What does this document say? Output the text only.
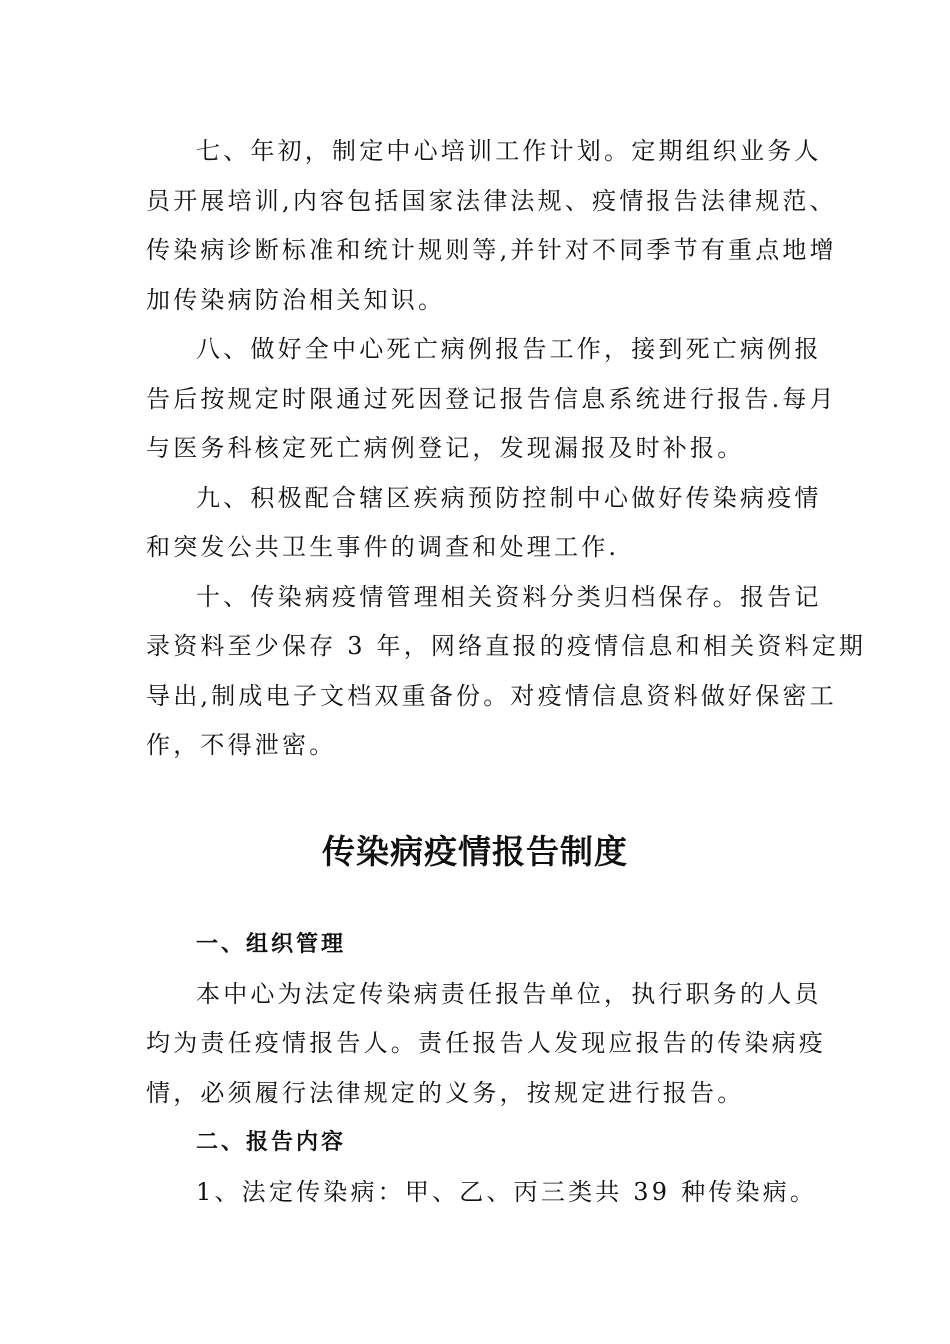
七、年初，制定中心培训工作计划。定期组织业务人
员开展培训,内容包括国家法律法规、疫情报告法律规范、
传染病诊断标准和统计规则等,并针对不同季节有重点地增
加传染病防治相关知识。
八、做好全中心死亡病例报告工作，接到死亡病例报
告后按规定时限通过死因登记报告信息系统进行报告.每月
与医务科核定死亡病例登记，发现漏报及时补报。
九、积极配合辖区疾病预防控制中心做好传染病疫情
和突发公共卫生事件的调查和处理工作.
十、传染病疫情管理相关资料分类归档保存。报告记
录资料至少保存 3 年，网络直报的疫情信息和相关资料定期
导出,制成电子文档双重备份。对疫情信息资料做好保密工
作，不得泄密。
传染病疫情报告制度
一、组织管理
本中心为法定传染病责任报告单位，执行职务的人员
均为责任疫情报告人。责任报告人发现应报告的传染病疫
情，必须履行法律规定的义务，按规定进行报告。
二、报告内容
1、法定传染病：甲、乙、丙三类共 39 种传染病。
